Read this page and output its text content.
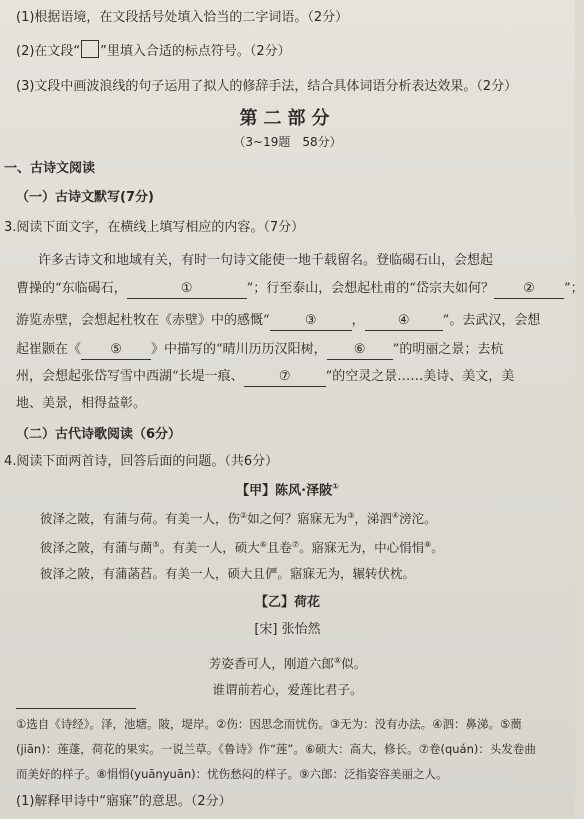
(1)根据语境，在文段括号处填入恰当的二字词语。（2分）
(2)在文段“ ”里填入合适的标点符号。（2分）
(3)文段中画波浪线的句子运用了拟人的修辞手法，结合具体词语分析表达效果。（2分）
第二部分
（3~19题　58分）
一、古诗文阅读
（一）古诗文默写(7分)
3.阅读下面文字，在横线上填写相应的内容。（7分）
许多古诗文和地域有关，有时一句诗文能使一地千载留名。登临碣石山，会想起
曹操的“东临碣石，	①	”；行至泰山，会想起杜甫的“岱宗夫如何？ ② ”；
游览赤壁，会想起杜牧在《赤壁》中的感慨“	③	，	④	”。去武汉，会想
起崔颢在《 ⑤ 》中描写的“晴川历历汉阳树， ⑥ ”的明丽之景；去杭
州，会想起张岱写雪中西湖“长堤一痕、	⑦	”的空灵之景……美诗、美文，美
地、美景，相得益彰。
（二）古代诗歌阅读（6分）
4.阅读下面两首诗，回答后面的问题。（共6分）
【甲】陈风·泽陂①
彼泽之陂，有蒲与荷。有美一人，伤②如之何？寤寐无为③，涕泗④滂沱。
彼泽之陂，有蒲与蕳⑤。有美一人，硕大⑥且卷⑦。寤寐无为，中心悁悁⑧。
彼泽之陂，有蒲菡萏。有美一人，硕大且俨。寤寐无为，辗转伏枕。
【乙】荷花
[宋] 张怡然
芳姿香可人，刚道六郎⑨似。
谁谓前若心，爱莲比君子。
①选自《诗经》。泽，池塘。陂，堤岸。②伤：因思念而忧伤。③无为：没有办法。④泗：鼻涕。⑤蕳
(jiān)：莲蓬，荷花的果实。一说兰草。《鲁诗》作“莲”。⑥硕大：高大，修长。⑦卷(quán)：头发卷曲
而美好的样子。⑧悁悁(yuānyuān)：忧伤愁闷的样子。⑨六郎：泛指姿容美丽之人。
(1)解释甲诗中“寤寐”的意思。（2分）
